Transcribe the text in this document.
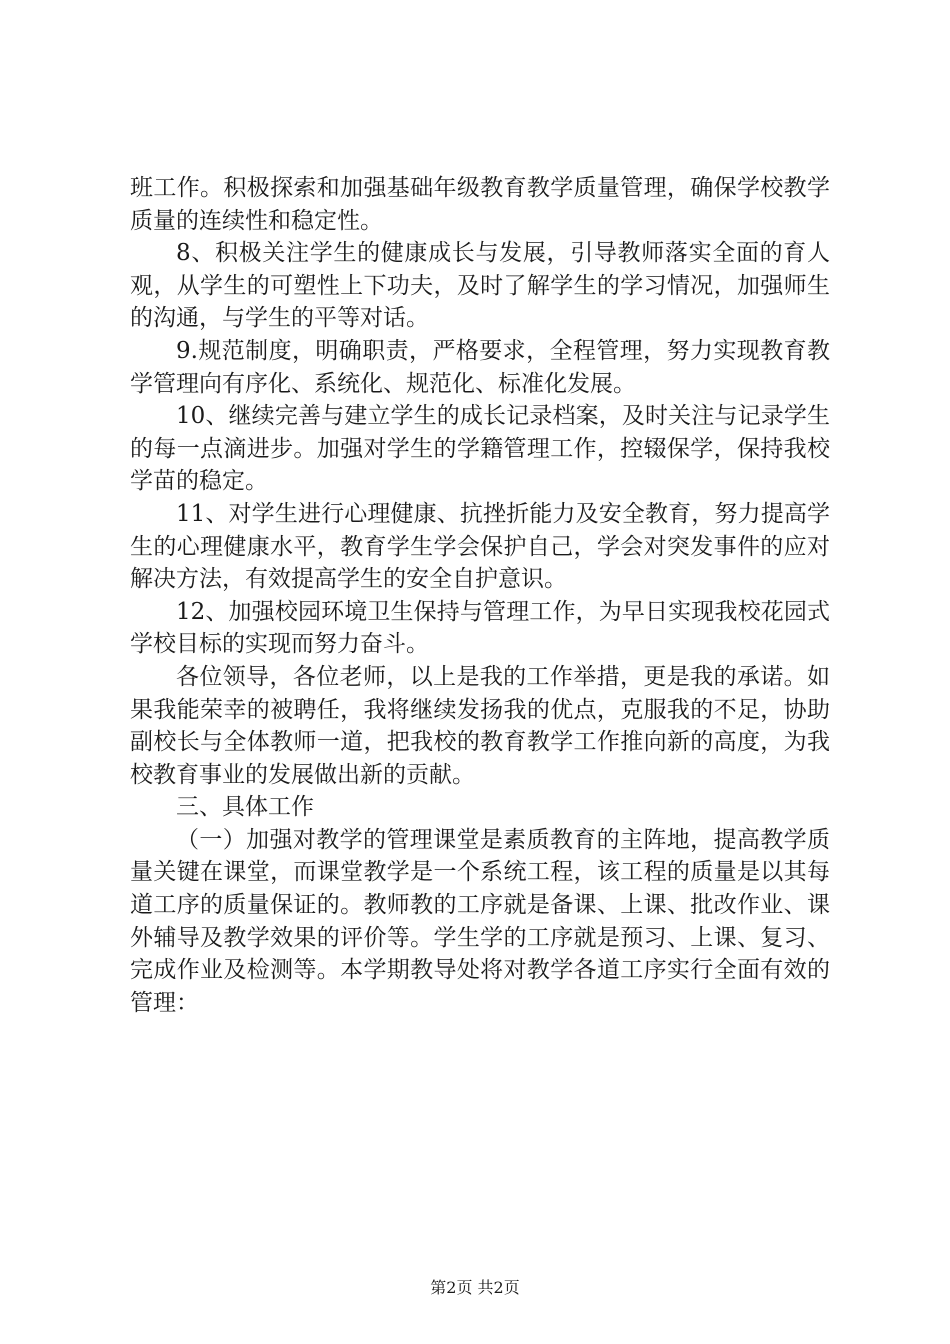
班工作。积极探索和加强基础年级教育教学质量管理，确保学校教学质量的连续性和稳定性。

8、积极关注学生的健康成长与发展，引导教师落实全面的育人观，从学生的可塑性上下功夫，及时了解学生的学习情况，加强师生的沟通，与学生的平等对话。

9.规范制度，明确职责，严格要求，全程管理，努力实现教育教学管理向有序化、系统化、规范化、标准化发展。

10、继续完善与建立学生的成长记录档案，及时关注与记录学生的每一点滴进步。加强对学生的学籍管理工作，控辍保学，保持我校学苗的稳定。

11、对学生进行心理健康、抗挫折能力及安全教育，努力提高学生的心理健康水平，教育学生学会保护自己，学会对突发事件的应对解决方法，有效提高学生的安全自护意识。

12、加强校园环境卫生保持与管理工作，为早日实现我校花园式学校目标的实现而努力奋斗。

各位领导，各位老师，以上是我的工作举措，更是我的承诺。如果我能荣幸的被聘任，我将继续发扬我的优点，克服我的不足，协助副校长与全体教师一道，把我校的教育教学工作推向新的高度，为我校教育事业的发展做出新的贡献。

三、具体工作

（一）加强对教学的管理课堂是素质教育的主阵地，提高教学质量关键在课堂，而课堂教学是一个系统工程，该工程的质量是以其每道工序的质量保证的。教师教的工序就是备课、上课、批改作业、课外辅导及教学效果的评价等。学生学的工序就是预习、上课、复习、完成作业及检测等。本学期教导处将对教学各道工序实行全面有效的管理：

第2页 共2页
